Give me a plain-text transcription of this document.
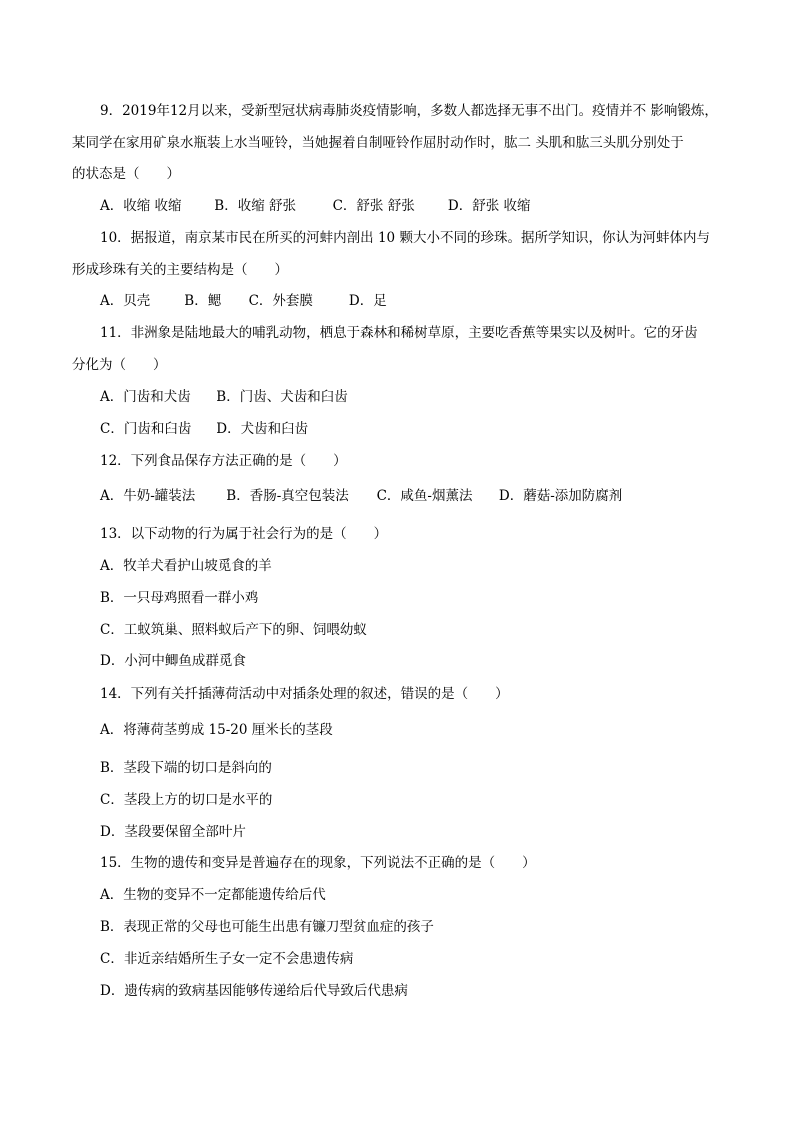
9．2019年12月以来，受新型冠状病毒肺炎疫情影响，多数人都选择无事不出门。疫情并不 影响锻炼，
某同学在家用矿泉水瓶装上水当哑铃，当她握着自制哑铃作屈肘动作时，肱二 头肌和肱三头肌分别处于
的状态是（　　）
A．收缩 收缩 B．收缩 舒张	C．舒张 舒张 D．舒张 收缩
10．据报道，南京某市民在所买的河蚌内剖出 10 颗大小不同的珍珠。据所学知识，你认为河蚌体内与
形成珍珠有关的主要结构是（　　）
A．贝壳	B．鳃 C．外套膜	D．足
11．非洲象是陆地最大的哺乳动物，栖息于森林和稀树草原，主要吃香蕉等果实以及树叶。它的牙齿
分化为（　　）
A．门齿和犬齿 B．门齿、犬齿和臼齿
C．门齿和臼齿 D．犬齿和臼齿
12．下列食品保存方法正确的是（　　）
A．牛奶-罐装法 B．香肠-真空包装法 C．咸鱼-烟薰法 D．蘑菇-添加防腐剂
13．以下动物的行为属于社会行为的是（　　）
A．牧羊犬看护山坡觅食的羊
B．一只母鸡照看一群小鸡
C．工蚁筑巢、照料蚁后产下的卵、饲喂幼蚁
D．小河中鲫鱼成群觅食
14．下列有关扦插薄荷活动中对插条处理的叙述，错误的是（　　）
A．将薄荷茎剪成 15-20 厘米长的茎段
B．茎段下端的切口是斜向的
C．茎段上方的切口是水平的
D．茎段要保留全部叶片
15．生物的遗传和变异是普遍存在的现象，下列说法不正确的是（　　）
A．生物的变异不一定都能遗传给后代
B．表现正常的父母也可能生出患有镰刀型贫血症的孩子
C．非近亲结婚所生子女一定不会患遗传病
D．遗传病的致病基因能够传递给后代导致后代患病
